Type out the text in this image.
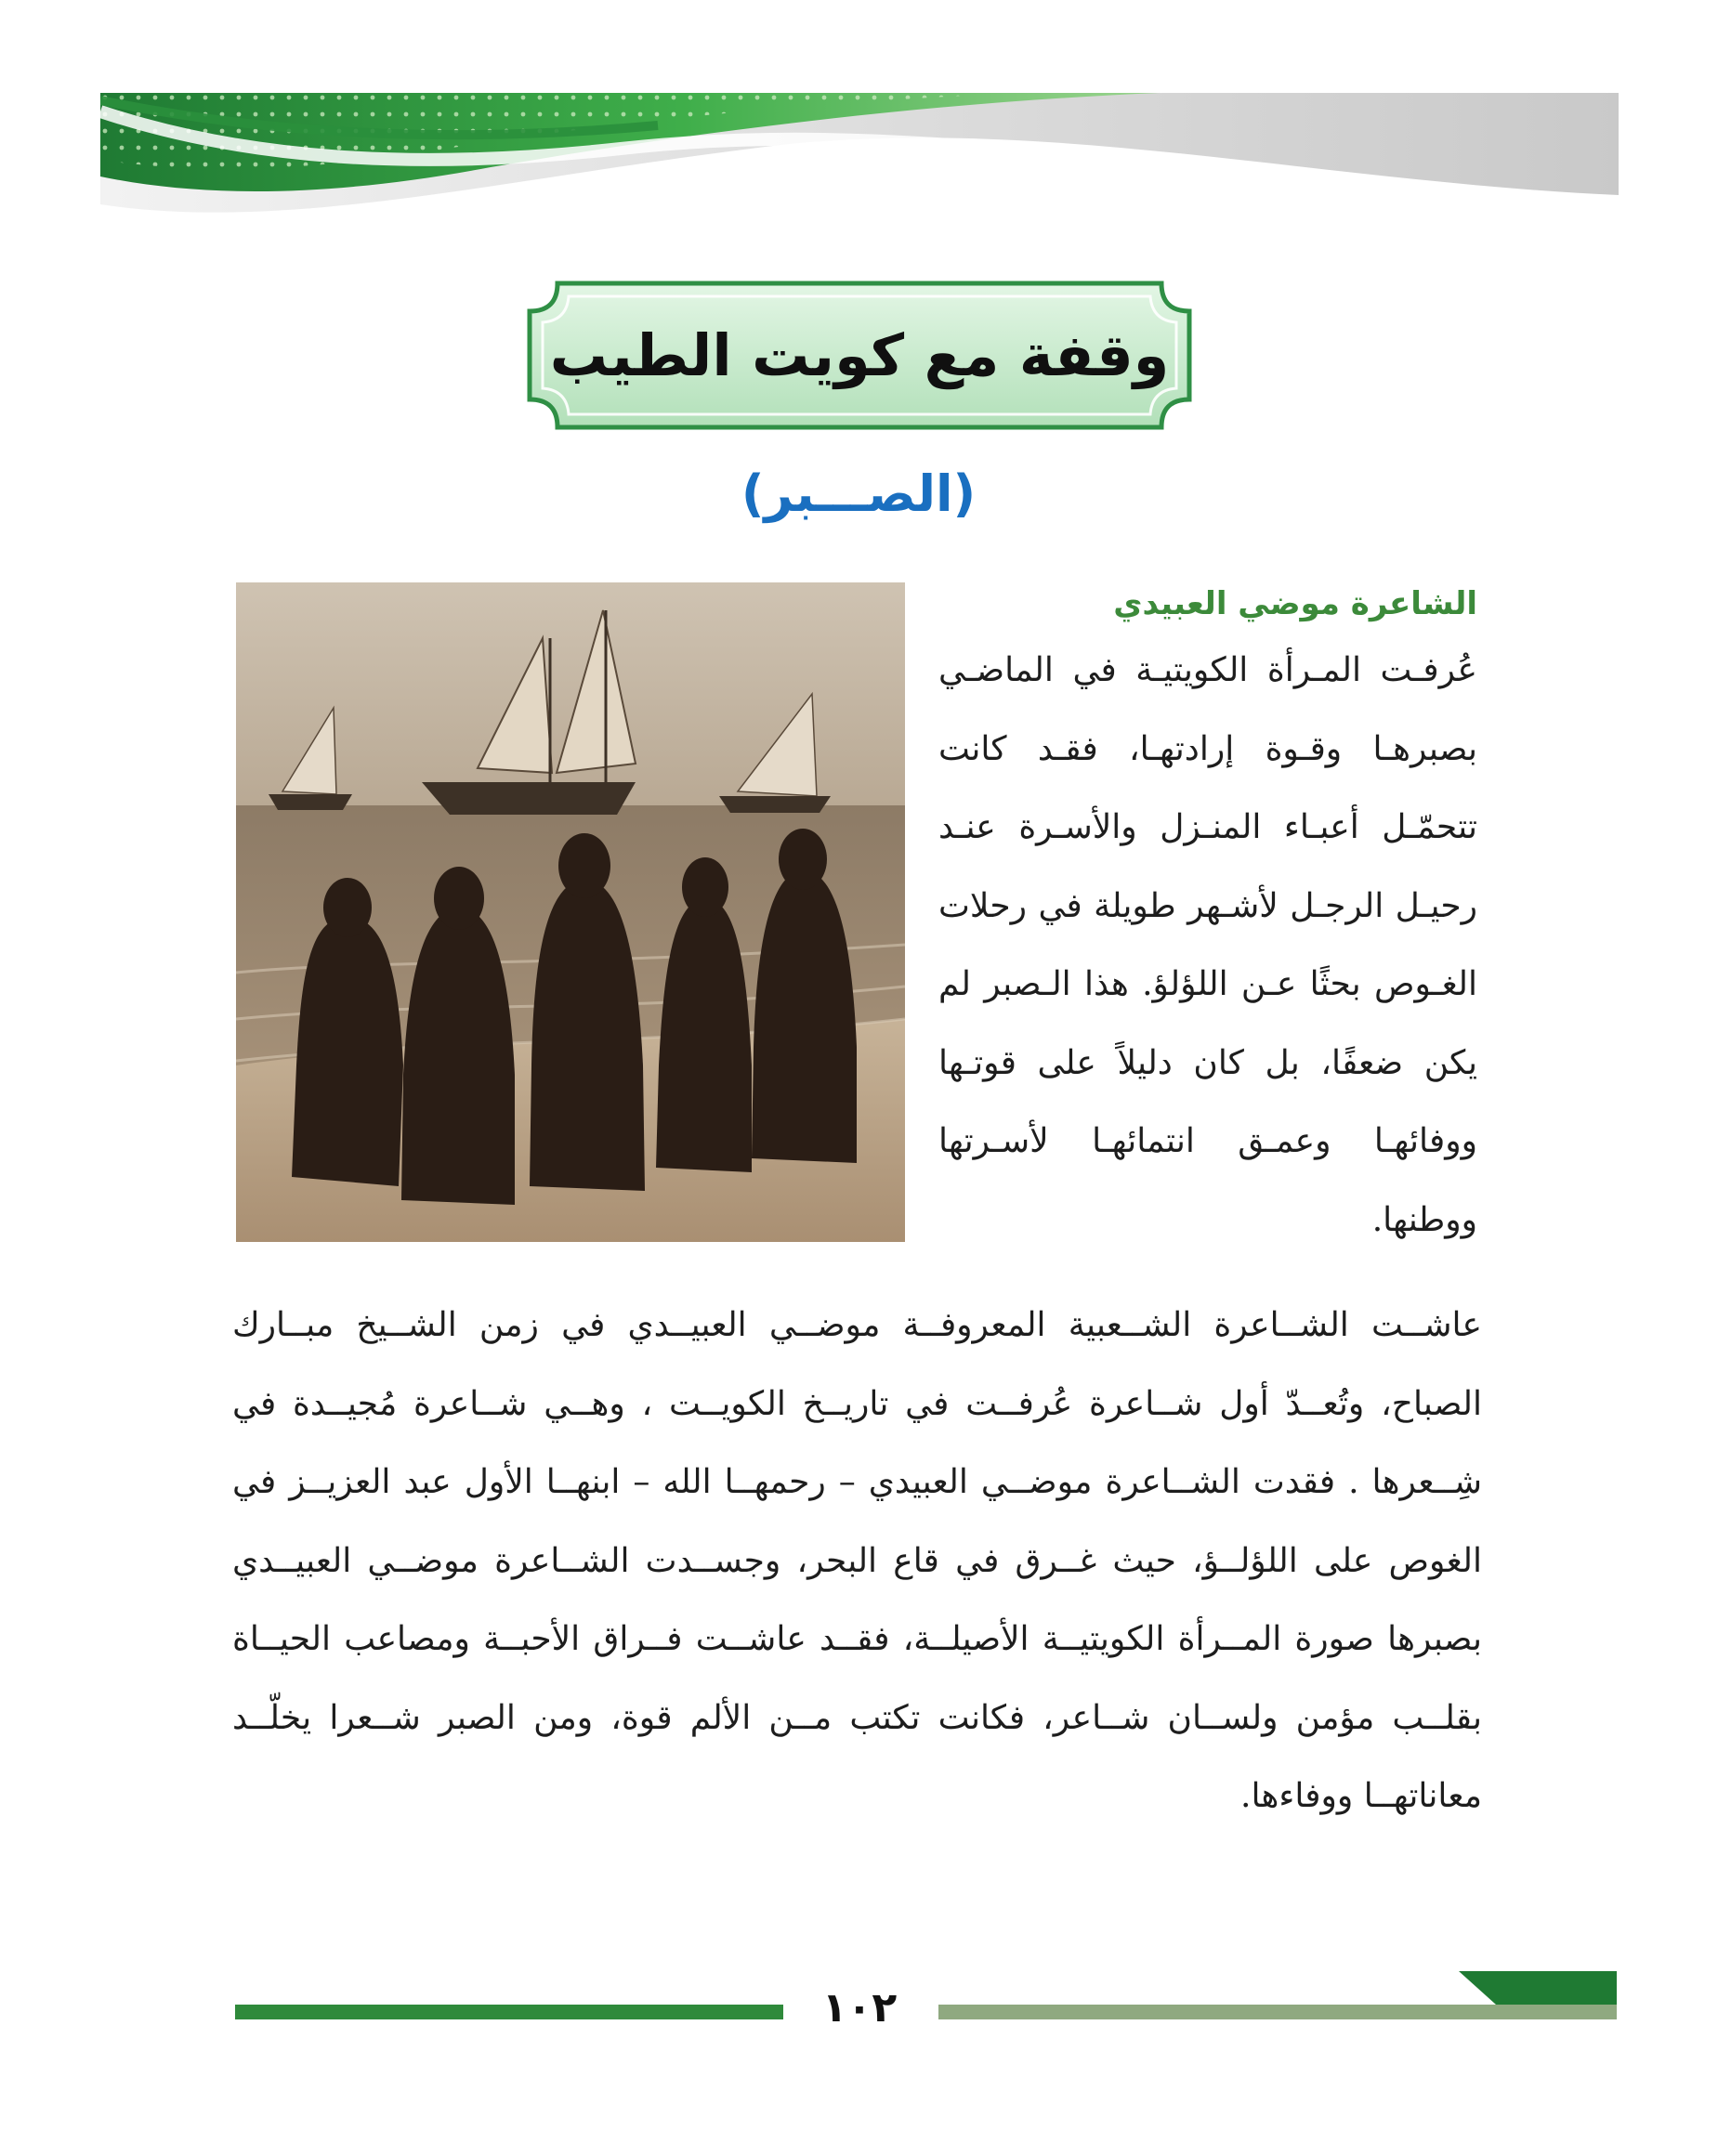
وقفة مع كويت الطيب
(الصـــبر)
الشاعرة موضي العبيدي

عُرفـت المـرأة الكويتيـة في الماضـي بصبرهـا وقـوة إرادتهـا، فقـد كانت تتحمّـل أعبـاء المنـزل والأسـرة عنـد رحيـل الرجـل لأشـهر طويلة في رحلات الغـوص بحثًا عـن اللؤلؤ. هذا الـصبر لم يكن ضعفًا، بل كان دليلاً على قوتـها ووفائهـا وعمـق انتمائهـا لأسـرتها ووطنها.

عاشــت الشــاعرة الشــعبية المعروفــة موضــي العبيــدي في زمن الشــيخ مبــارك الصباح، وتُعــدّ أول شــاعرة عُرفــت في تاريــخ الكويــت ، وهــي شــاعرة مُجيــدة في شِــعرها . فقدت الشــاعرة موضــي العبيدي – رحمهــا الله – ابنهــا الأول عبد العزيــز في الغوص على اللؤلــؤ، حيث غــرق في قاع البحر، وجســدت الشــاعرة موضــي العبيــدي بصبرها صورة المــرأة الكويتيــة الأصيلــة، فقــد عاشــت فــراق الأحبــة ومصاعب الحيــاة بقلــب مؤمن ولســان شــاعر، فكانت تكتب مــن الألم قوة، ومن الصبر شــعرا يخلّــد معاناتهــا ووفاءها.

١٠٢
